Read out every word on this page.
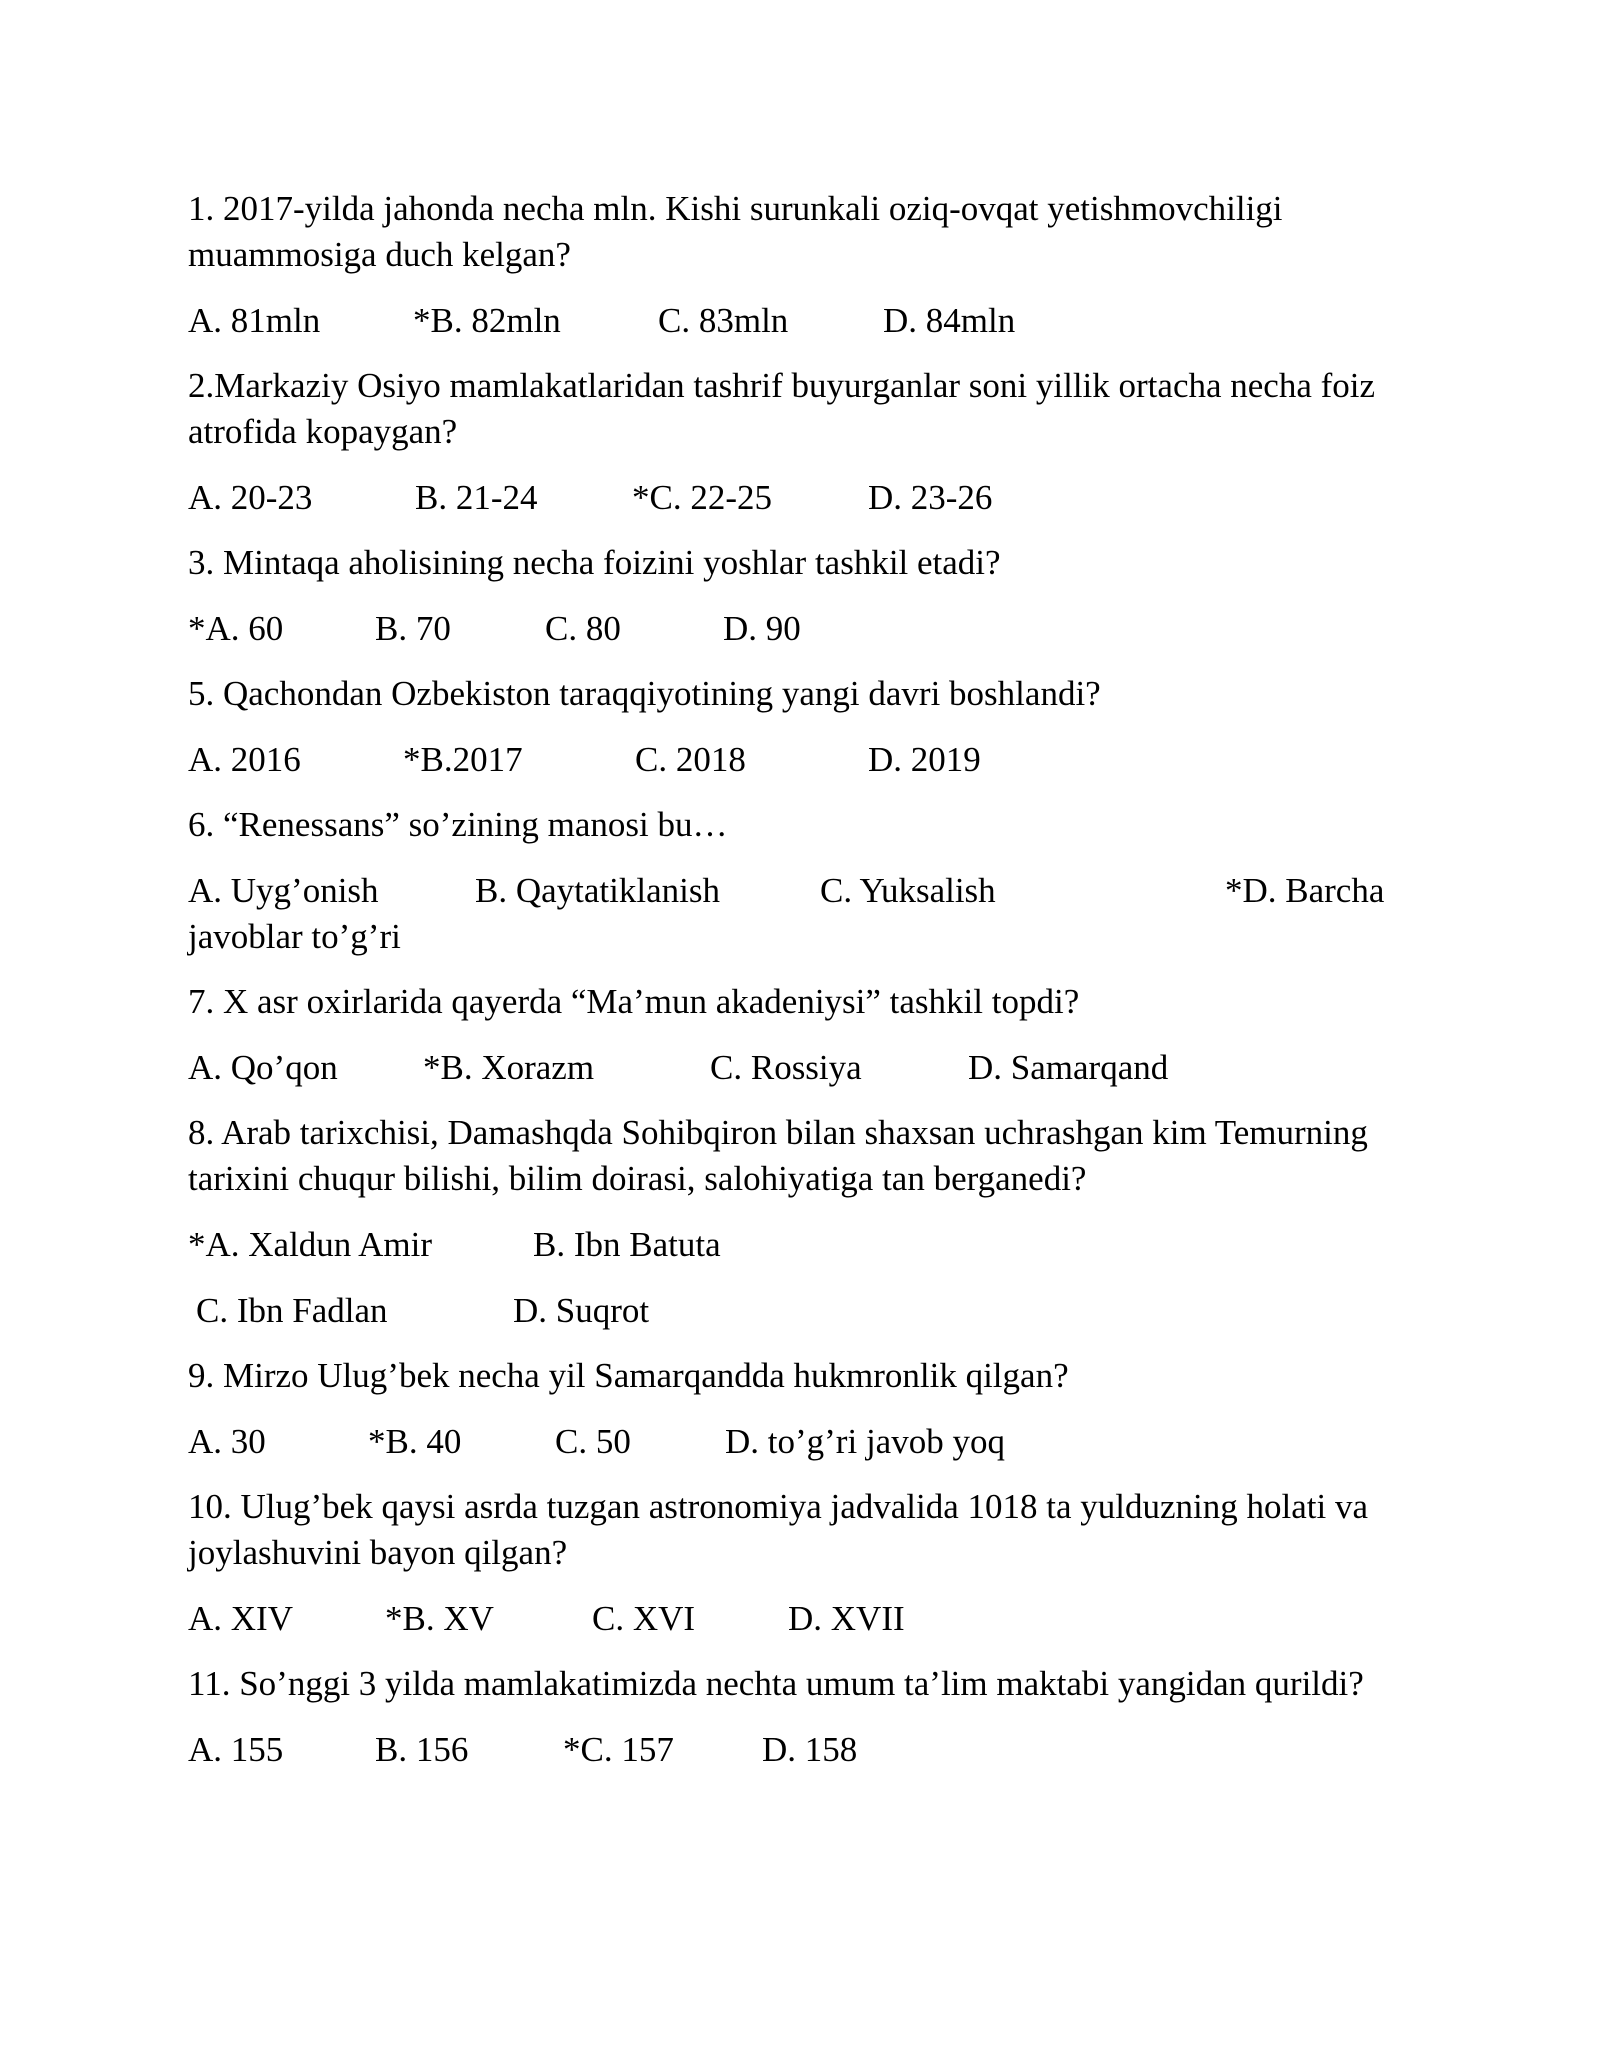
1. 2017-yilda jahonda necha mln. Kishi surunkali oziq-ovqat yetishmovchiligi
muammosiga duch kelgan?
A. 81mln	*B. 82mln	C. 83mln	D. 84mln
2.Markaziy Osiyo mamlakatlaridan tashrif buyurganlar soni yillik ortacha necha foiz
atrofida kopaygan?
A. 20-23	B. 21-24	*C. 22-25	D. 23-26
3. Mintaqa aholisining necha foizini yoshlar tashkil etadi?
*A. 60	B. 70	C. 80	D. 90
5. Qachondan Ozbekiston taraqqiyotining yangi davri boshlandi?
A. 2016	*B.2017	C. 2018	D. 2019
6. “Renessans” so’zining manosi bu…
A. Uyg’onish	B. Qaytatiklanish	C. Yuksalish	*D. Barcha
javoblar to’g’ri
7. X asr oxirlarida qayerda “Ma’mun akadeniysi” tashkil topdi?
A. Qo’qon *B. Xorazm	C. Rossiya	D. Samarqand
8. Arab tarixchisi, Damashqda Sohibqiron bilan shaxsan uchrashgan kim Temurning
tarixini chuqur bilishi, bilim doirasi, salohiyatiga tan berganedi?
*A. Xaldun Amir	B. Ibn Batuta
C. Ibn Fadlan	D. Suqrot
9. Mirzo Ulug’bek necha yil Samarqandda hukmronlik qilgan?
A. 30	*B. 40	C. 50	D. to’g’ri javob yoq
10. Ulug’bek qaysi asrda tuzgan astronomiya jadvalida 1018 ta yulduzning holati va
joylashuvini bayon qilgan?
A. XIV	*B. XV	C. XVI	D. XVII
11. So’nggi 3 yilda mamlakatimizda nechta umum ta’lim maktabi yangidan qurildi?
A. 155	B. 156	*C. 157	D. 158
